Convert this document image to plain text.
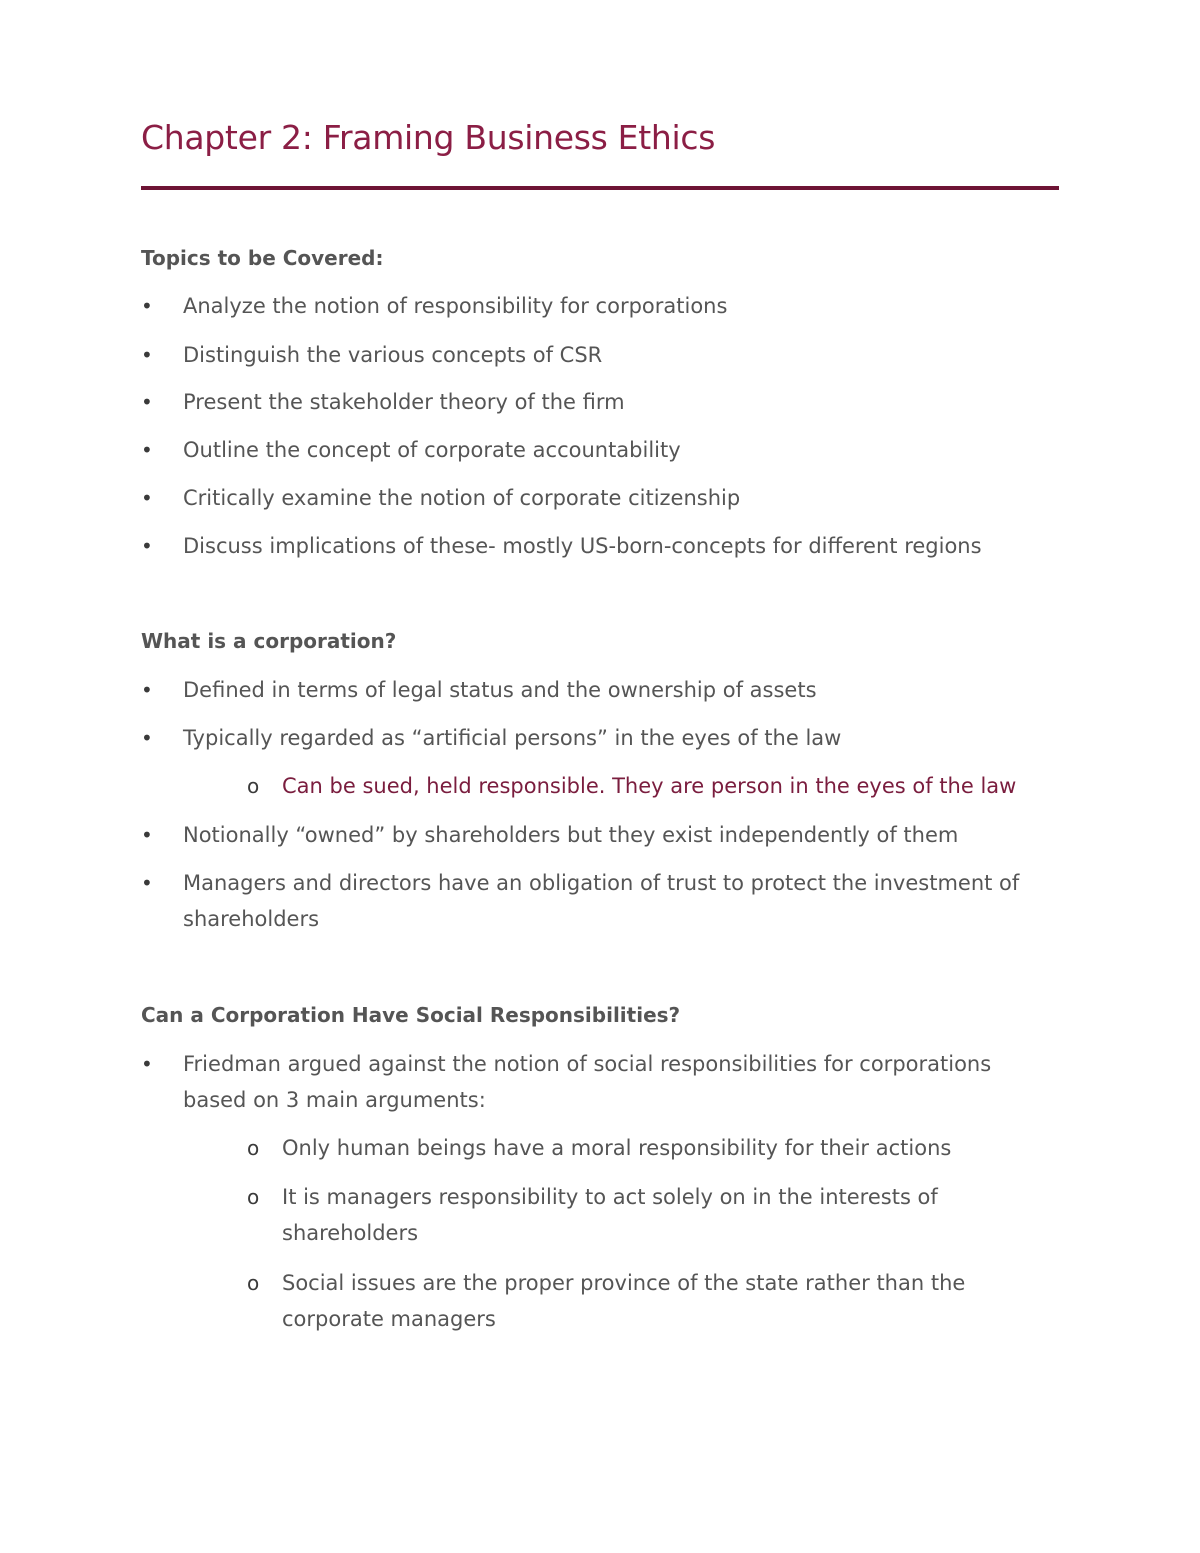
Chapter 2: Framing Business Ethics
Topics to be Covered:
• Analyze the notion of responsibility for corporations
• Distinguish the various concepts of CSR
• Present the stakeholder theory of the firm
• Outline the concept of corporate accountability
• Critically examine the notion of corporate citizenship
• Discuss implications of these- mostly US-born-concepts for different regions
What is a corporation?
• Defined in terms of legal status and the ownership of assets
• Typically regarded as “artificial persons” in the eyes of the law
o Can be sued, held responsible. They are person in the eyes of the law
• Notionally “owned” by shareholders but they exist independently of them
• Managers and directors have an obligation of trust to protect the investment of shareholders
Can a Corporation Have Social Responsibilities?
• Friedman argued against the notion of social responsibilities for corporations based on 3 main arguments:
o Only human beings have a moral responsibility for their actions
o It is managers responsibility to act solely on in the interests of shareholders
o Social issues are the proper province of the state rather than the corporate managers
